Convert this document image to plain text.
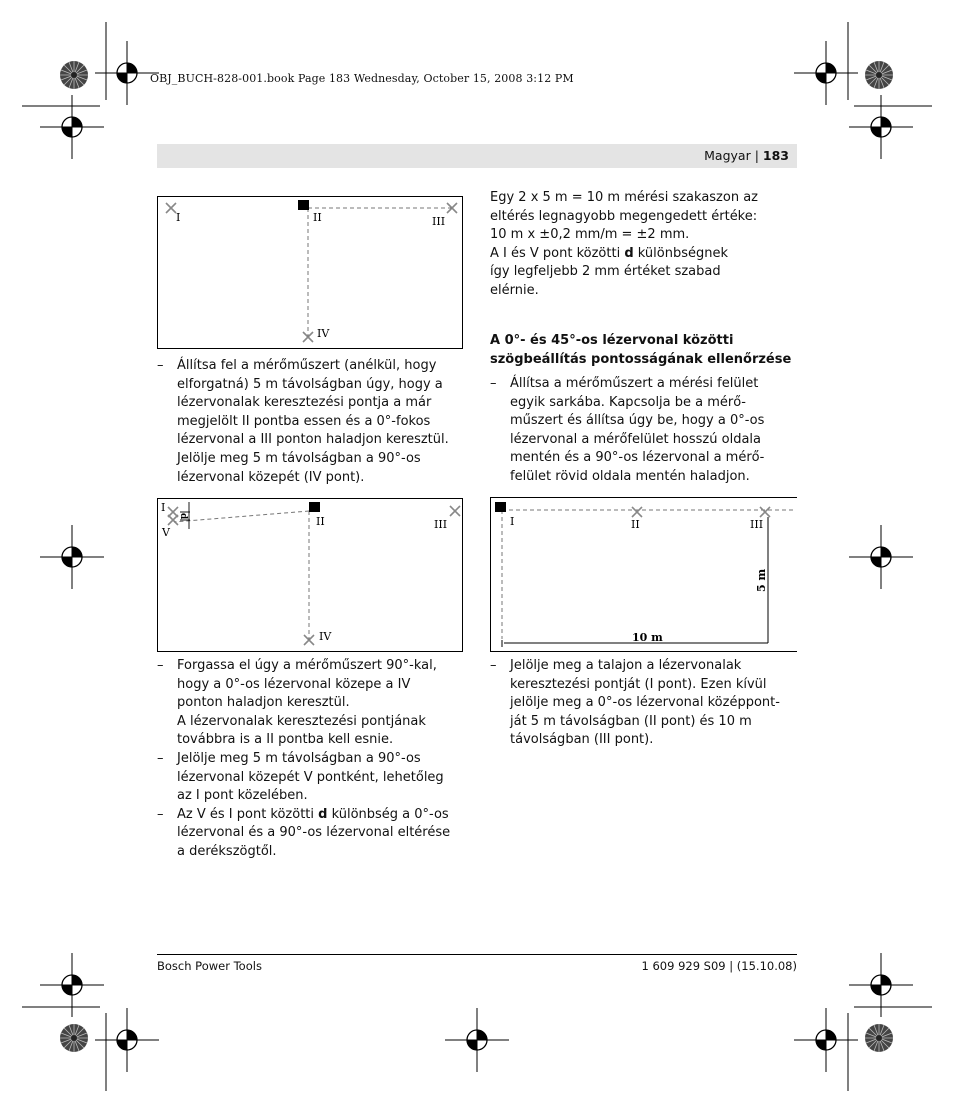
OBJ_BUCH-828-001.book Page 183 Wednesday, October 15, 2008 3:12 PM
Magyar | 183
I	II	III
IV
– Állítsa fel a mérőműszert (anélkül, hogy
elforgatná) 5 m távolságban úgy, hogy a
lézervonalak keresztezési pontja a már
megjelölt II pontba essen és a 0°-fokos
lézervonal a III ponton haladjon keresztül.
Jelölje meg 5 m távolságban a 90°-os
lézervonal közepét (IV pont).
d
I
V
II	III
IV
– Forgassa el úgy a mérőműszert 90°-kal,
hogy a 0°-os lézervonal közepe a IV
ponton haladjon keresztül.
A lézervonalak keresztezési pontjának
továbbra is a II pontba kell esnie.
– Jelölje meg 5 m távolságban a 90°-os
lézervonal közepét V pontként, lehetőleg
az I pont közelében.
– Az V és I pont közötti d különbség a 0°-os
lézervonal és a 90°-os lézervonal eltérése
a derékszögtől.
Egy 2 x 5 m = 10 m mérési szakaszon az
eltérés legnagyobb megengedett értéke:
10 m x ±0,2 mm/m = ±2 mm.
A I és V pont közötti d különbségnek
így legfeljebb 2 mm értéket szabad
elérnie.
A 0°- és 45°-os lézervonal közötti
szögbeállítás pontosságának ellenőrzése
– Állítsa a mérőműszert a mérési felület
egyik sarkába. Kapcsolja be a mérő-
műszert és állítsa úgy be, hogy a 0°-os
lézervonal a mérőfelület hosszú oldala
mentén és a 90°-os lézervonal a mérő-
felület rövid oldala mentén haladjon.
I	II	III
5 m
10 m
– Jelölje meg a talajon a lézervonalak
keresztezési pontját (I pont). Ezen kívül
jelölje meg a 0°-os lézervonal középpont-
ját 5 m távolságban (II pont) és 10 m
távolságban (III pont).
Bosch Power Tools	1 609 929 S09 | (15.10.08)
